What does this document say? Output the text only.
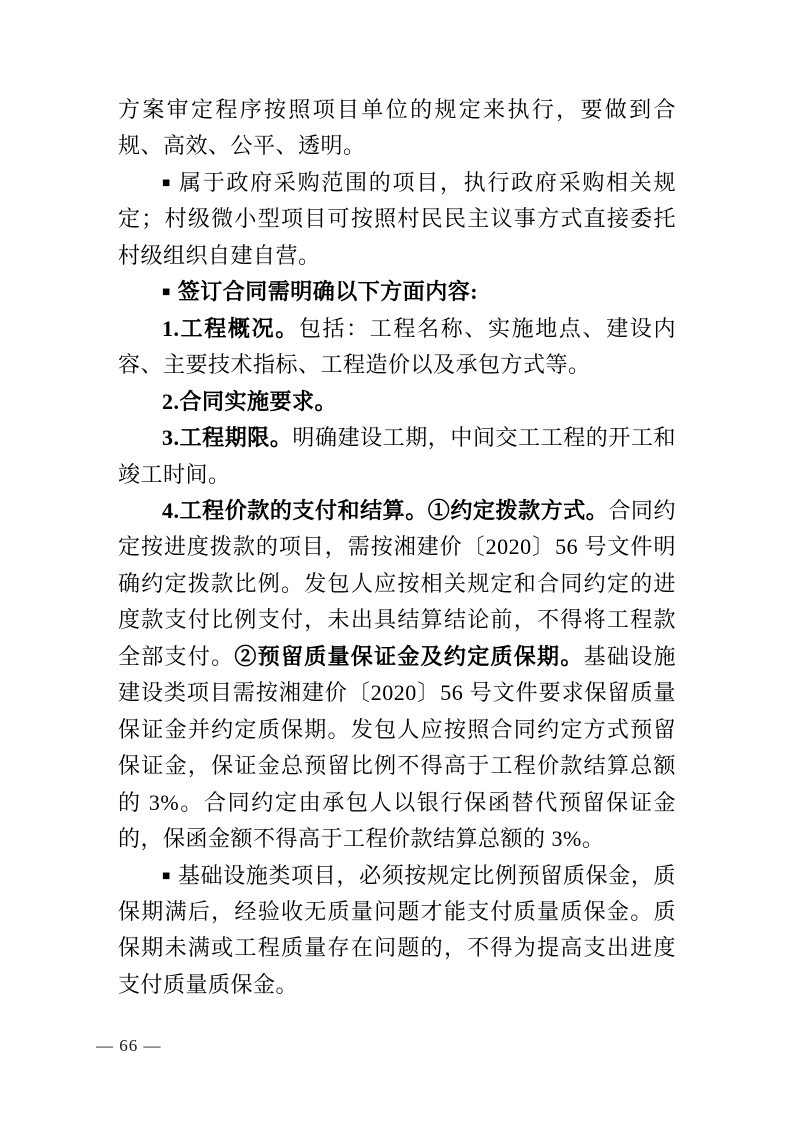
方案审定程序按照项目单位的规定来执行，要做到合规、高效、公平、透明。

■ 属于政府采购范围的项目，执行政府采购相关规定；村级微小型项目可按照村民民主议事方式直接委托村级组织自建自营。

■ 签订合同需明确以下方面内容:

1.工程概况。包括：工程名称、实施地点、建设内容、主要技术指标、工程造价以及承包方式等。

2.合同实施要求。

3.工程期限。明确建设工期，中间交工工程的开工和竣工时间。

4.工程价款的支付和结算。①约定拨款方式。合同约定按进度拨款的项目，需按湘建价〔2020〕56 号文件明确约定拨款比例。发包人应按相关规定和合同约定的进度款支付比例支付，未出具结算结论前，不得将工程款全部支付。②预留质量保证金及约定质保期。基础设施建设类项目需按湘建价〔2020〕56 号文件要求保留质量保证金并约定质保期。发包人应按照合同约定方式预留保证金，保证金总预留比例不得高于工程价款结算总额的 3%。合同约定由承包人以银行保函替代预留保证金的，保函金额不得高于工程价款结算总额的 3%。

■ 基础设施类项目，必须按规定比例预留质保金，质保期满后，经验收无质量问题才能支付质量质保金。质保期未满或工程质量存在问题的，不得为提高支出进度支付质量质保金。

— 66 —
